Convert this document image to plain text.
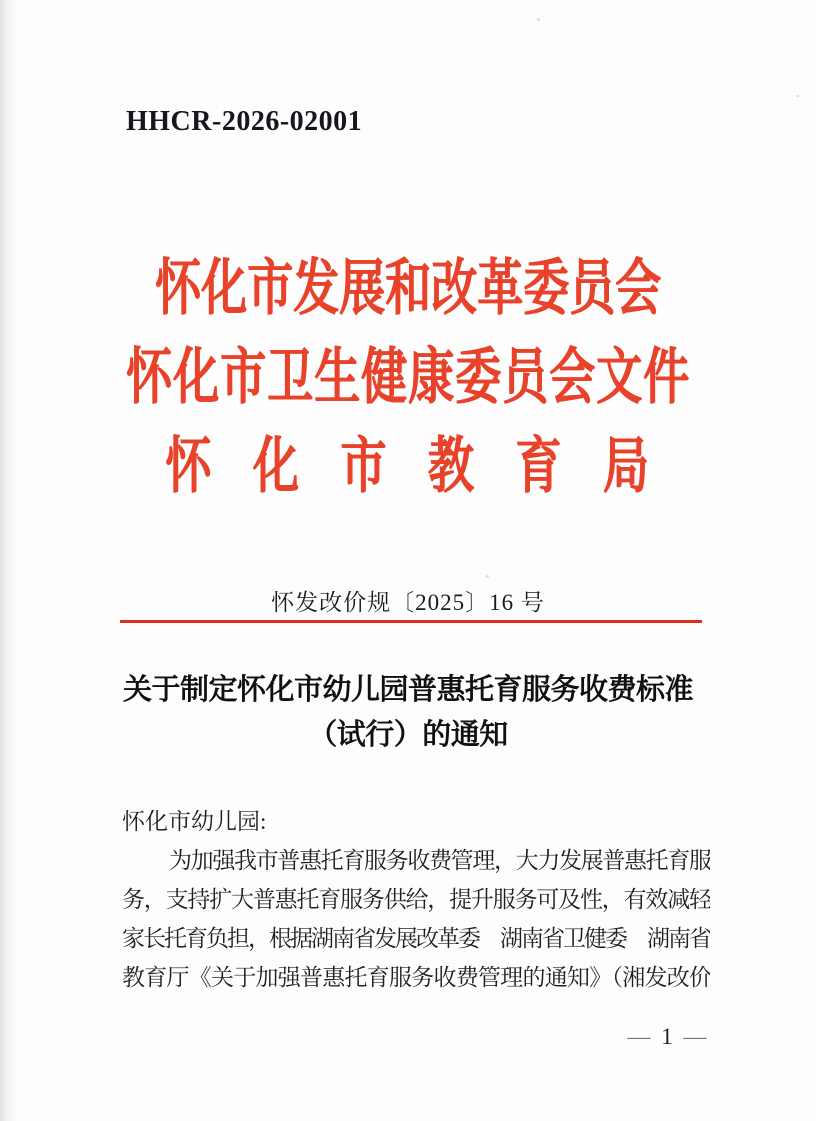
HHCR-2026-02001
怀化市发展和改革委员会
怀化市卫生健康委员会文件
怀 化 市 教 育 局
怀发改价规〔2025〕16 号
关于制定怀化市幼儿园普惠托育服务收费标准
（试行）的通知
怀化市幼儿园:
为加强我市普惠托育服务收费管理，大力发展普惠托育服
务，支持扩大普惠托育服务供给，提升服务可及性，有效减轻
家长托育负担，根据湖南省发展改革委　湖南省卫健委　湖南省
教育厅《关于加强普惠托育服务收费管理的通知》（湘发改价
— 1 —
